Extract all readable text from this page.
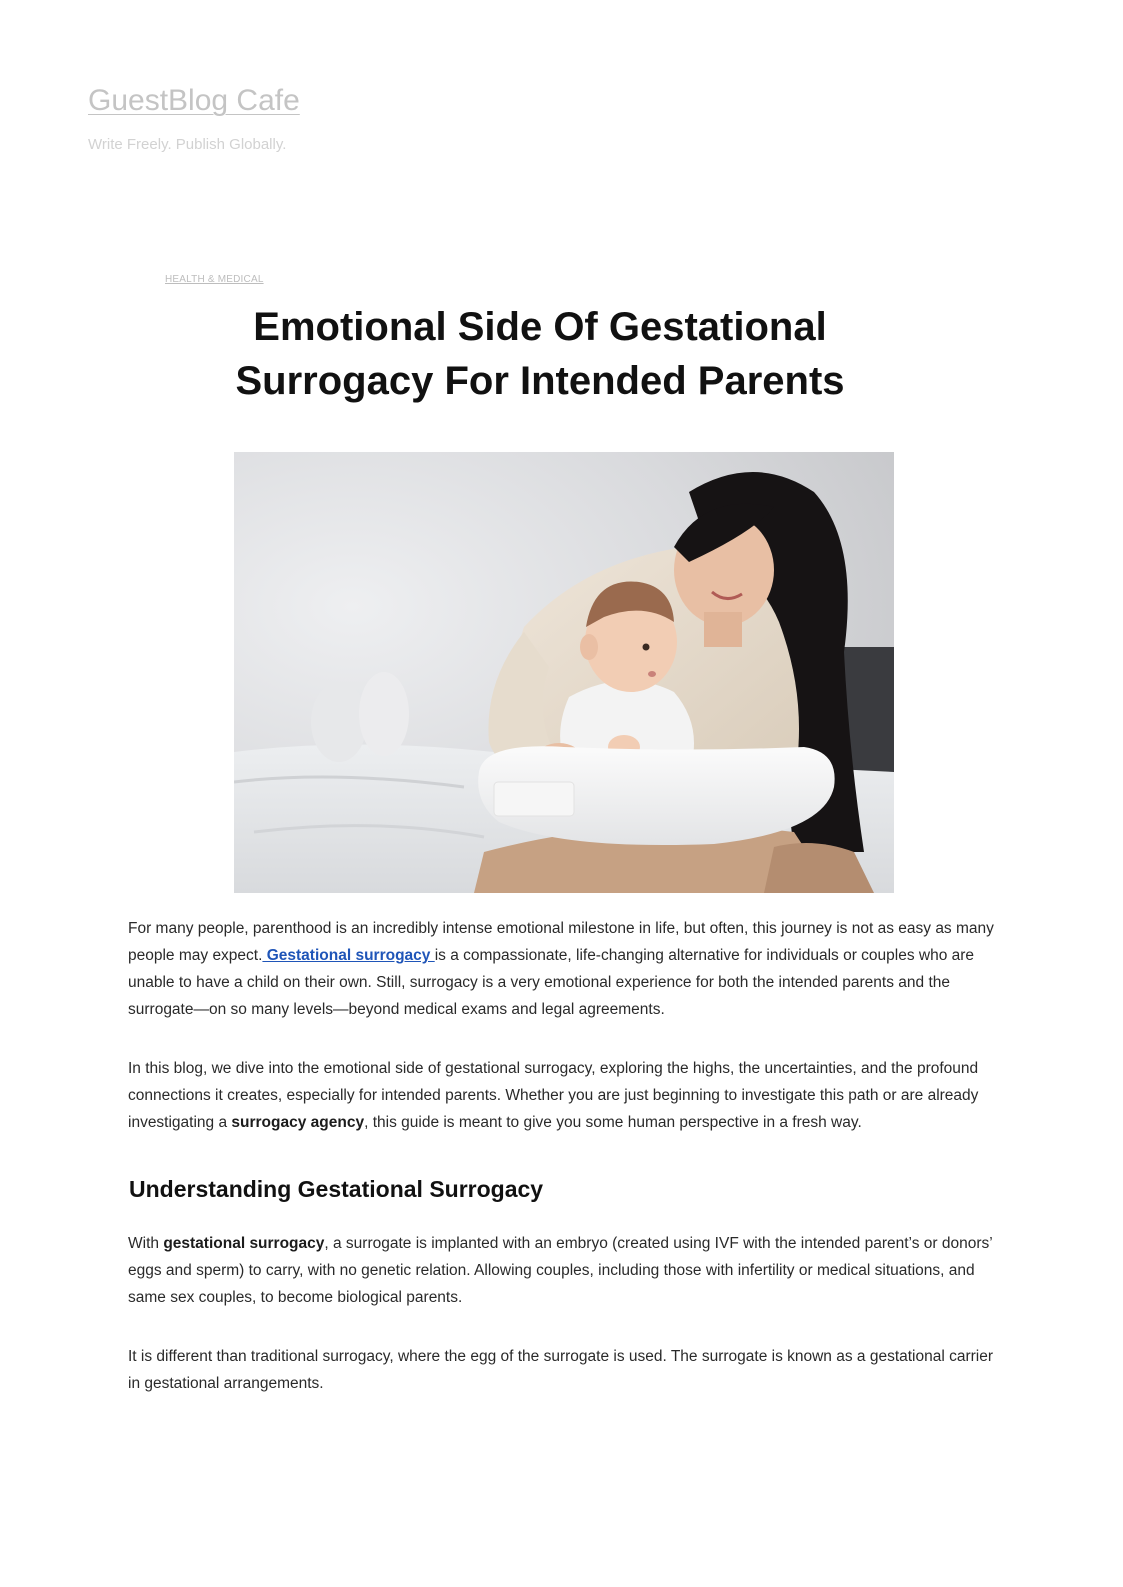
GuestBlog Cafe
Write Freely. Publish Globally.
HEALTH & MEDICAL
Emotional Side Of Gestational Surrogacy For Intended Parents

For many people, parenthood is an incredibly intense emotional milestone in life, but often, this journey is not as easy as many people may expect. Gestational surrogacy is a compassionate, life-changing alternative for individuals or couples who are unable to have a child on their own. Still, surrogacy is a very emotional experience for both the intended parents and the surrogate—on so many levels—beyond medical exams and legal agreements.

In this blog, we dive into the emotional side of gestational surrogacy, exploring the highs, the uncertainties, and the profound connections it creates, especially for intended parents. Whether you are just beginning to investigate this path or are already investigating a surrogacy agency, this guide is meant to give you some human perspective in a fresh way.

Understanding Gestational Surrogacy

With gestational surrogacy, a surrogate is implanted with an embryo (created using IVF with the intended parent’s or donors’ eggs and sperm) to carry, with no genetic relation. Allowing couples, including those with infertility or medical situations, and same sex couples, to become biological parents.

It is different than traditional surrogacy, where the egg of the surrogate is used. The surrogate is known as a gestational carrier in gestational arrangements.
